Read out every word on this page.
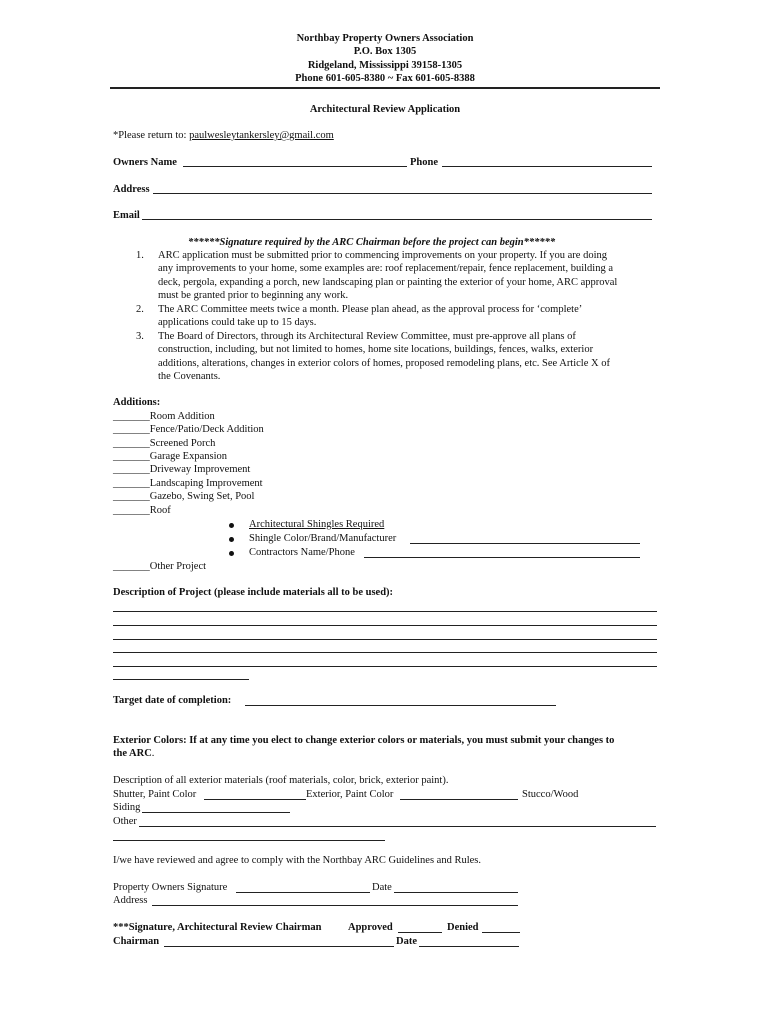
Northbay Property Owners Association
P.O. Box 1305
Ridgeland, Mississippi 39158-1305
Phone 601-605-8380 ~ Fax 601-605-8388
Architectural Review Application
*Please return to: paulwesleytankersley@gmail.com
Owners Name	Phone
Address
Email
******Signature required by the ARC Chairman before the project can begin******
1. ARC application must be submitted prior to commencing improvements on your property. If you are doing
any improvements to your home, some examples are: roof replacement/repair, fence replacement, building a
deck, pergola, expanding a porch, new landscaping plan or painting the exterior of your home, ARC approval
must be granted prior to beginning any work.
2. The ARC Committee meets twice a month. Please plan ahead, as the approval process for ‘complete’
applications could take up to 15 days.
3. The Board of Directors, through its Architectural Review Committee, must pre-approve all plans of
construction, including, but not limited to homes, home site locations, buildings, fences, walks, exterior
additions, alterations, changes in exterior colors of homes, proposed remodeling plans, etc. See Article X of
the Covenants.
Additions:
_______Room Addition
_______Fence/Patio/Deck Addition
_______Screened Porch
_______Garage Expansion
_______Driveway Improvement
_______Landscaping Improvement
_______Gazebo, Swing Set, Pool
_______Roof
Architectural Shingles Required
Shingle Color/Brand/Manufacturer
Contractors Name/Phone
_______Other Project
Description of Project (please include materials all to be used):
Target date of completion:
Exterior Colors: If at any time you elect to change exterior colors or materials, you must submit your changes to
the ARC.
Description of all exterior materials (roof materials, color, brick, exterior paint).
Shutter, Paint Color	Exterior, Paint Color	Stucco/Wood
Siding
Other
I/we have reviewed and agree to comply with the Northbay ARC Guidelines and Rules.
Property Owners Signature	Date
Address
***Signature, Architectural Review Chairman	Approved	Denied
Chairman	Date
